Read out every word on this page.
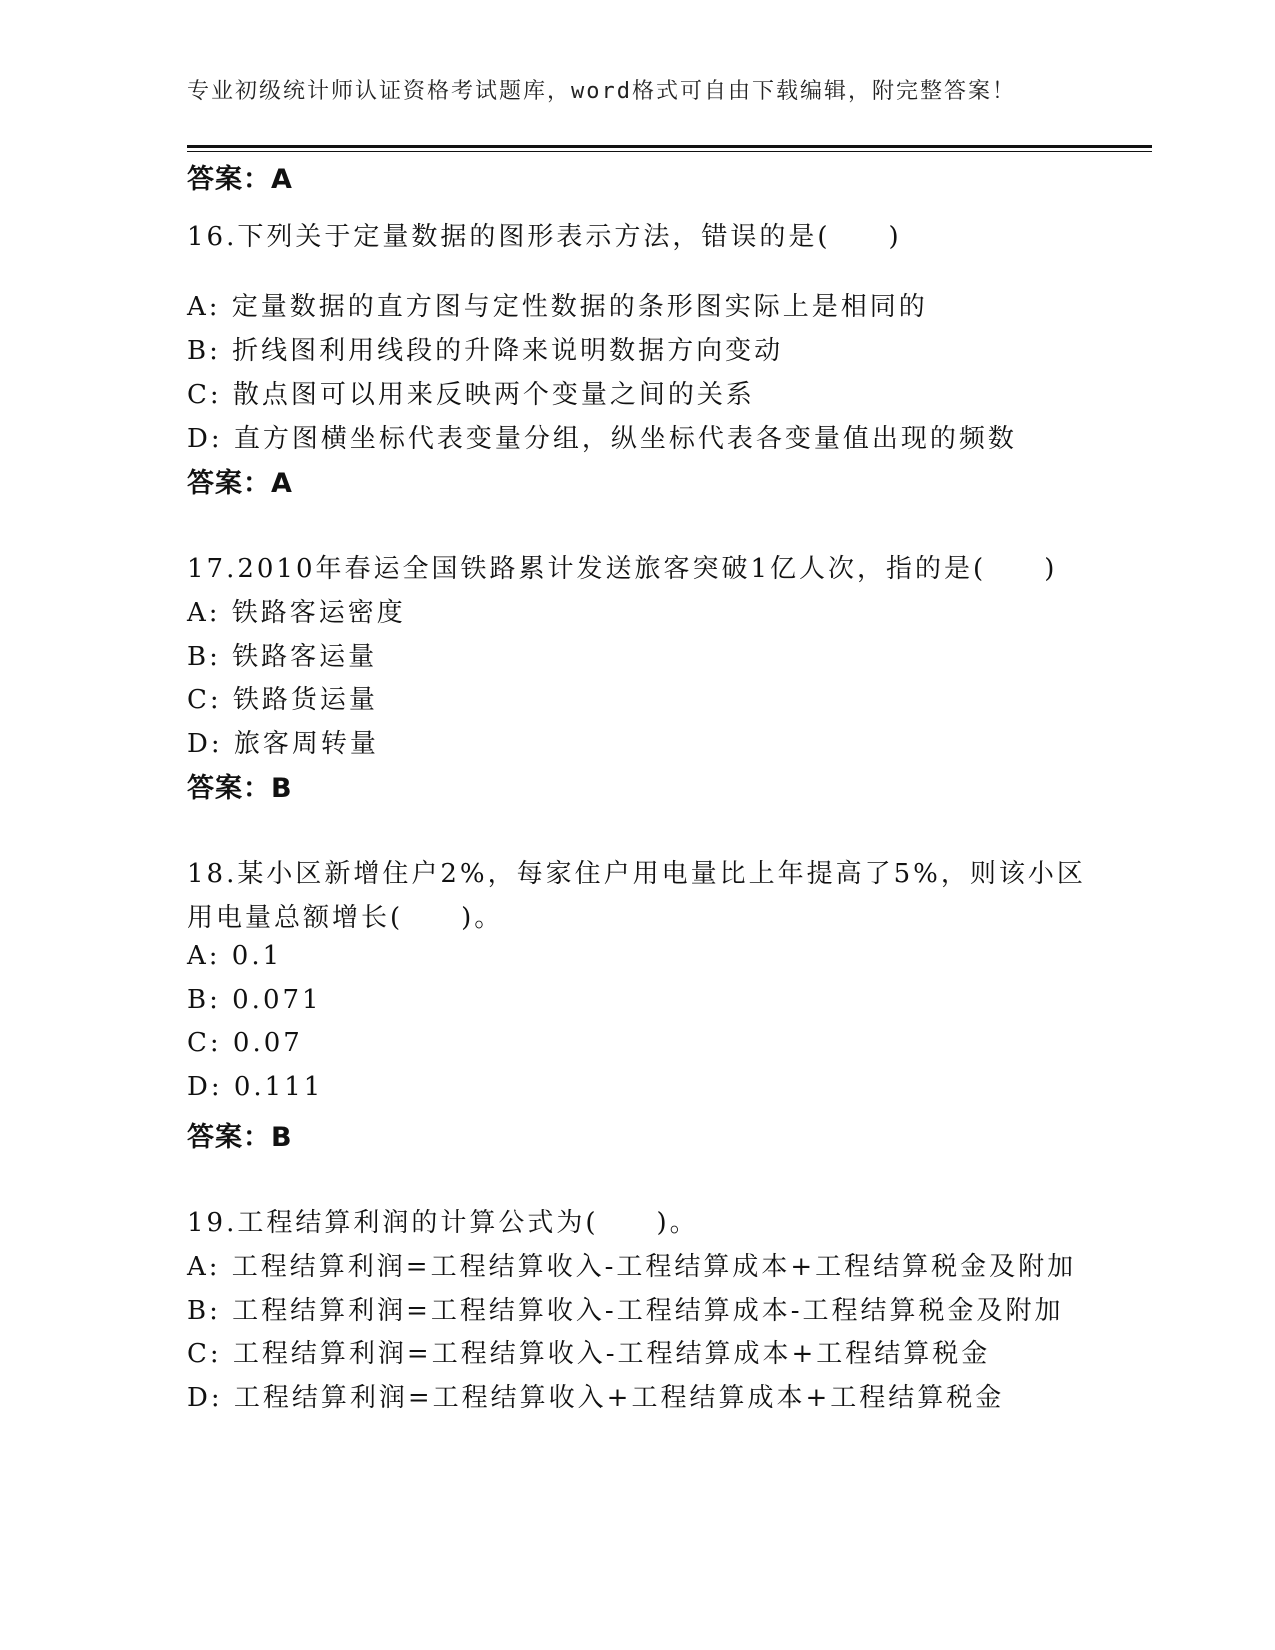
专业初级统计师认证资格考试题库，word格式可自由下载编辑，附完整答案！
答案：A
16.下列关于定量数据的图形表示方法，错误的是(　　)
A: 定量数据的直方图与定性数据的条形图实际上是相同的
B: 折线图利用线段的升降来说明数据方向变动
C: 散点图可以用来反映两个变量之间的关系
D: 直方图横坐标代表变量分组，纵坐标代表各变量值出现的频数
答案：A
17.2010年春运全国铁路累计发送旅客突破1亿人次，指的是(　　)
A: 铁路客运密度
B: 铁路客运量
C: 铁路货运量
D: 旅客周转量
答案：B
18.某小区新增住户2%，每家住户用电量比上年提高了5%，则该小区
用电量总额增长(　　)。
A: 0.1
B: 0.071
C: 0.07
D: 0.111
答案：B
19.工程结算利润的计算公式为(　　)。
A: 工程结算利润=工程结算收入-工程结算成本+工程结算税金及附加
B: 工程结算利润=工程结算收入-工程结算成本-工程结算税金及附加
C: 工程结算利润=工程结算收入-工程结算成本+工程结算税金
D: 工程结算利润=工程结算收入+工程结算成本+工程结算税金
